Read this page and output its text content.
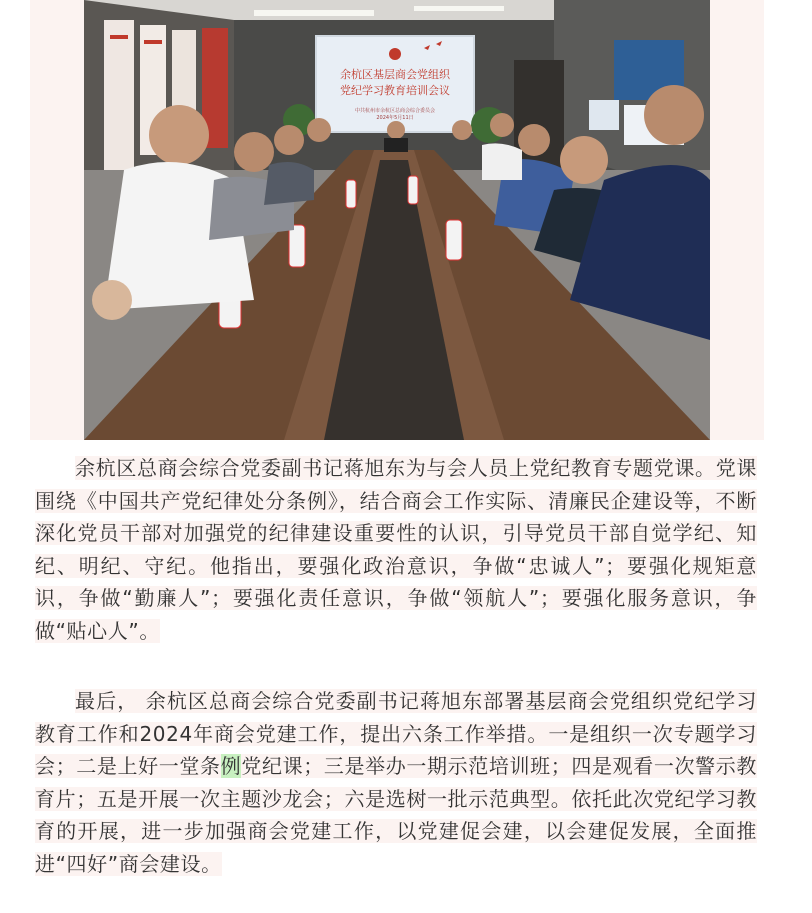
余杭区基层商会党组织
党纪学习教育培训会议
中共杭州市余杭区总商会综合委员会
2024年5月11日

余杭区总商会综合党委副书记蒋旭东为与会人员上党纪教育专题党课。党课围绕《中国共产党纪律处分条例》，结合商会工作实际、清廉民企建设等，不断深化党员干部对加强党的纪律建设重要性的认识，引导党员干部自觉学纪、知纪、明纪、守纪。他指出，要强化政治意识，争做“忠诚人”；要强化规矩意识，争做“勤廉人”；要强化责任意识，争做“领航人”；要强化服务意识，争做“贴心人”。

最后， 余杭区总商会综合党委副书记蒋旭东部署基层商会党组织党纪学习教育工作和2024年商会党建工作，提出六条工作举措。一是组织一次专题学习会；二是上好一堂条例党纪课；三是举办一期示范培训班；四是观看一次警示教育片；五是开展一次主题沙龙会；六是选树一批示范典型。依托此次党纪学习教育的开展，进一步加强商会党建工作，以党建促会建，以会建促发展，全面推进“四好”商会建设。
